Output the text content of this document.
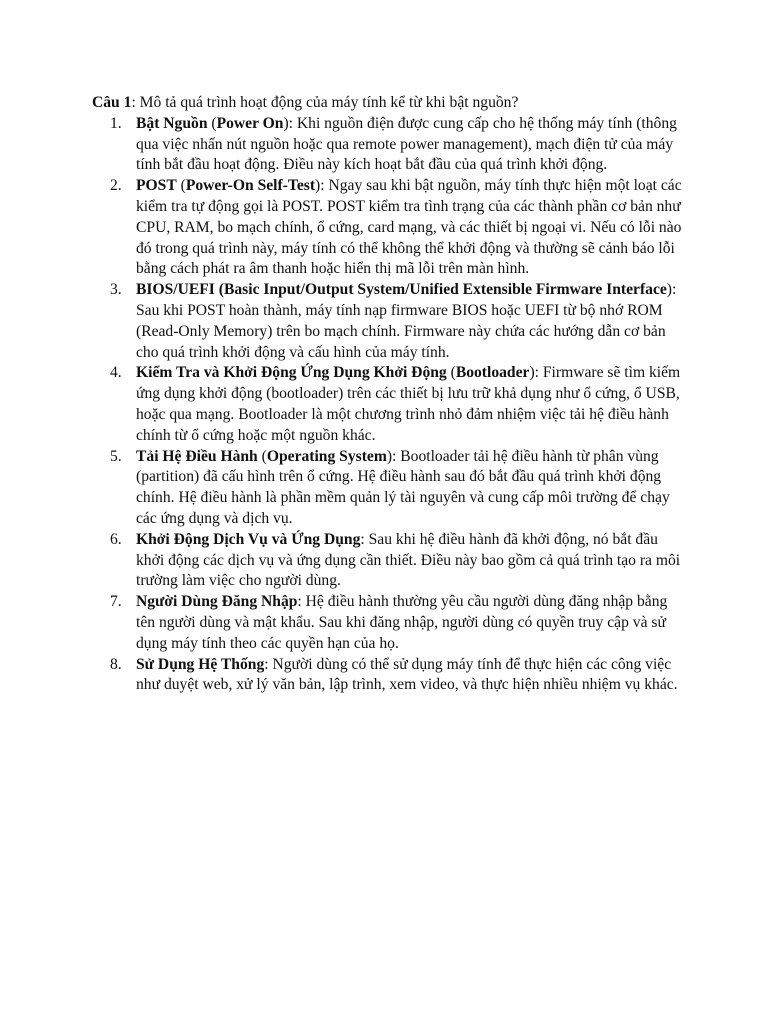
Câu 1: Mô tả quá trình hoạt động của máy tính kể từ khi bật nguồn?

1. Bật Nguồn (Power On): Khi nguồn điện được cung cấp cho hệ thống máy tính (thông qua việc nhấn nút nguồn hoặc qua remote power management), mạch điện tử của máy tính bắt đầu hoạt động. Điều này kích hoạt bắt đầu của quá trình khởi động.
2. POST (Power-On Self-Test): Ngay sau khi bật nguồn, máy tính thực hiện một loạt các kiểm tra tự động gọi là POST. POST kiểm tra tình trạng của các thành phần cơ bản như CPU, RAM, bo mạch chính, ổ cứng, card mạng, và các thiết bị ngoại vi. Nếu có lỗi nào đó trong quá trình này, máy tính có thể không thể khởi động và thường sẽ cảnh báo lỗi bằng cách phát ra âm thanh hoặc hiển thị mã lỗi trên màn hình.
3. BIOS/UEFI (Basic Input/Output System/Unified Extensible Firmware Interface): Sau khi POST hoàn thành, máy tính nạp firmware BIOS hoặc UEFI từ bộ nhớ ROM (Read-Only Memory) trên bo mạch chính. Firmware này chứa các hướng dẫn cơ bản cho quá trình khởi động và cấu hình của máy tính.
4. Kiểm Tra và Khởi Động Ứng Dụng Khởi Động (Bootloader): Firmware sẽ tìm kiếm ứng dụng khởi động (bootloader) trên các thiết bị lưu trữ khả dụng như ổ cứng, ổ USB, hoặc qua mạng. Bootloader là một chương trình nhỏ đảm nhiệm việc tải hệ điều hành chính từ ổ cứng hoặc một nguồn khác.
5. Tải Hệ Điều Hành (Operating System): Bootloader tải hệ điều hành từ phân vùng (partition) đã cấu hình trên ổ cứng. Hệ điều hành sau đó bắt đầu quá trình khởi động chính. Hệ điều hành là phần mềm quản lý tài nguyên và cung cấp môi trường để chạy các ứng dụng và dịch vụ.
6. Khởi Động Dịch Vụ và Ứng Dụng: Sau khi hệ điều hành đã khởi động, nó bắt đầu khởi động các dịch vụ và ứng dụng cần thiết. Điều này bao gồm cả quá trình tạo ra môi trường làm việc cho người dùng.
7. Người Dùng Đăng Nhập: Hệ điều hành thường yêu cầu người dùng đăng nhập bằng tên người dùng và mật khẩu. Sau khi đăng nhập, người dùng có quyền truy cập và sử dụng máy tính theo các quyền hạn của họ.
8. Sử Dụng Hệ Thống: Người dùng có thể sử dụng máy tính để thực hiện các công việc như duyệt web, xử lý văn bản, lập trình, xem video, và thực hiện nhiều nhiệm vụ khác.
